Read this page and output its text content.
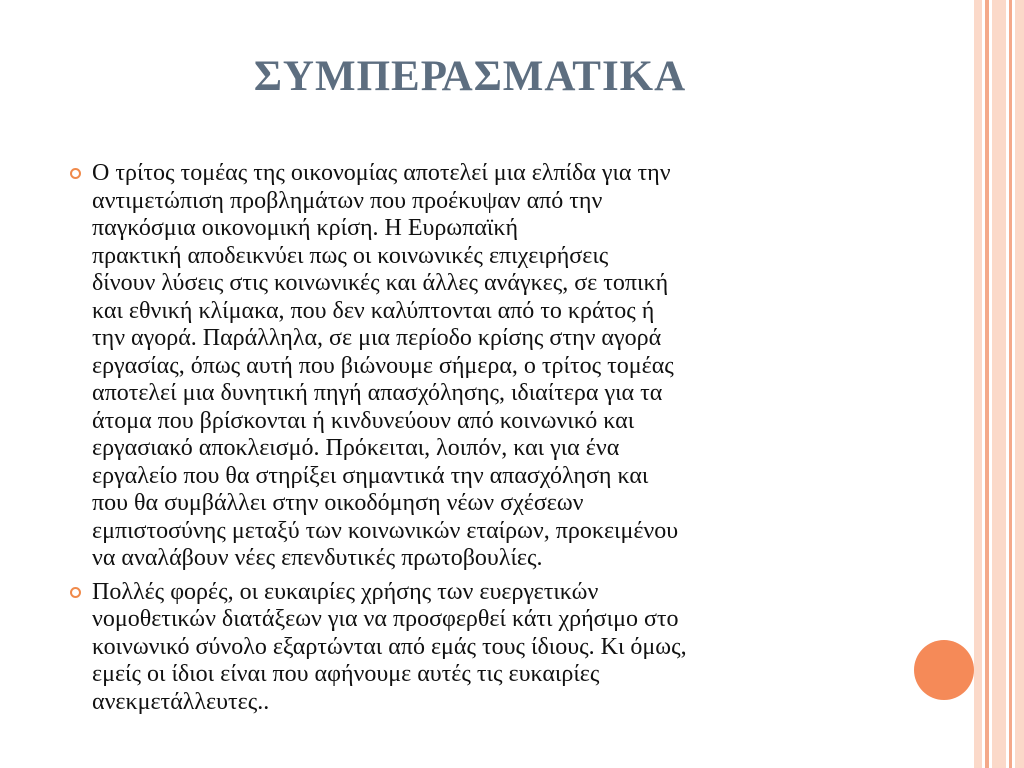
ΣΥΜΠΕΡΑΣΜΑΤΙΚΑ
Ο τρίτος τομέας της οικονομίας αποτελεί μια ελπίδα για την
αντιμετώπιση προβλημάτων που προέκυψαν από την
παγκόσμια οικονομική κρίση. Η Ευρωπαϊκή
πρακτική αποδεικνύει πως οι κοινωνικές επιχειρήσεις
δίνουν λύσεις στις κοινωνικές και άλλες ανάγκες, σε τοπική
και εθνική κλίμακα, που δεν καλύπτονται από το κράτος ή
την αγορά. Παράλληλα, σε μια περίοδο κρίσης στην αγορά
εργασίας, όπως αυτή που βιώνουμε σήμερα, ο τρίτος τομέας
αποτελεί μια δυνητική πηγή απασχόλησης, ιδιαίτερα για τα
άτομα που βρίσκονται ή κινδυνεύουν από κοινωνικό και
εργασιακό αποκλεισμό. Πρόκειται, λοιπόν, και για ένα
εργαλείο που θα στηρίξει σημαντικά την απασχόληση και
που θα συμβάλλει στην οικοδόμηση νέων σχέσεων
εμπιστοσύνης μεταξύ των κοινωνικών εταίρων, προκειμένου
να αναλάβουν νέες επενδυτικές πρωτοβουλίες.
Πολλές φορές, οι ευκαιρίες χρήσης των ευεργετικών
νομοθετικών διατάξεων για να προσφερθεί κάτι χρήσιμο στο
κοινωνικό σύνολο εξαρτώνται από εμάς τους ίδιους. Κι όμως,
εμείς οι ίδιοι είναι που αφήνουμε αυτές τις ευκαιρίες
ανεκμετάλλευτες..
